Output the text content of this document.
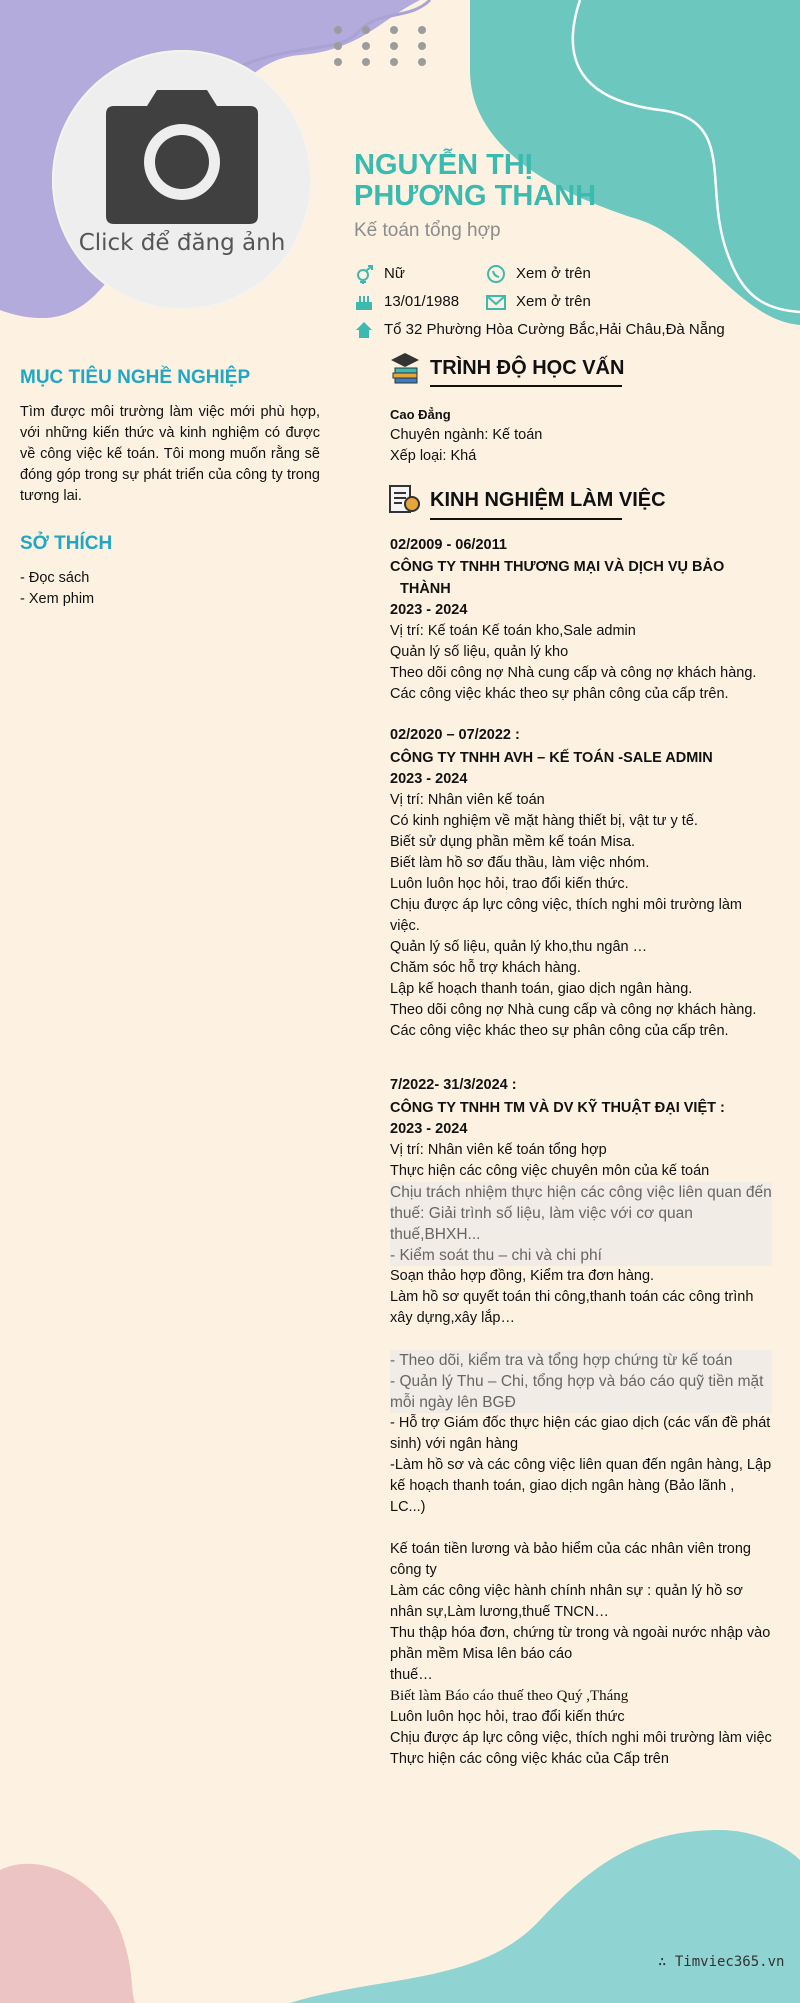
Click để đăng ảnh
NGUYỄN THỊ PHƯƠNG THANH
Kế toán tổng hợp
Nữ	Xem ở trên
13/01/1988	Xem ở trên
Tổ 32 Phường Hòa Cường Bắc,Hải Châu,Đà Nẵng
MỤC TIÊU NGHỀ NGHIỆP
Tìm được môi trường làm việc mới phù hợp, với những kiến thức và kinh nghiệm có được về công việc kế toán. Tôi mong muốn rằng sẽ đóng góp trong sự phát triển của công ty trong tương lai.
SỞ THÍCH
- Đọc sách
- Xem phim
TRÌNH ĐỘ HỌC VẤN
Cao Đẳng
Chuyên ngành: Kế toán
Xếp loại: Khá
KINH NGHIỆM LÀM VIỆC
02/2009 - 06/2011
CÔNG TY TNHH THƯƠNG MẠI VÀ DỊCH VỤ BẢO THÀNH
2023 - 2024
Vị trí: Kế toán Kế toán kho,Sale admin
Quản lý số liệu, quản lý kho
Theo dõi công nợ Nhà cung cấp và công nợ khách hàng.
Các công việc khác theo sự phân công của cấp trên.
02/2020 – 07/2022 :
CÔNG TY TNHH AVH – KẾ TOÁN -SALE ADMIN
2023 - 2024
Vị trí: Nhân viên kế toán
Có kinh nghiệm về mặt hàng thiết bị, vật tư y tế.
Biết sử dụng phần mềm kế toán Misa.
Biết làm hồ sơ đấu thầu, làm việc nhóm.
Luôn luôn học hỏi, trao đổi kiến thức.
Chịu được áp lực công việc, thích nghi môi trường làm việc.
Quản lý số liệu, quản lý kho,thu ngân …
Chăm sóc hỗ trợ khách hàng.
Lập kế hoạch thanh toán, giao dịch ngân hàng.
Theo dõi công nợ Nhà cung cấp và công nợ khách hàng.
Các công việc khác theo sự phân công của cấp trên.
7/2022- 31/3/2024 :
CÔNG TY TNHH TM VÀ DV KỸ THUẬT ĐẠI VIỆT :
2023 - 2024
Vị trí: Nhân viên kế toán tổng hợp
Thực hiện các công việc chuyên môn của kế toán
Chịu trách nhiệm thực hiện các công việc liên quan đến thuế: Giải trình số liệu, làm việc với cơ quan thuế,BHXH...
- Kiểm soát thu – chi và chi phí
Soạn thảo hợp đồng, Kiểm tra đơn hàng.
Làm hồ sơ quyết toán thi công,thanh toán các công trình xây dựng,xây lắp…
- Theo dõi, kiểm tra và tổng hợp chứng từ kế toán
- Quản lý Thu – Chi, tổng hợp và báo cáo quỹ tiền mặt mỗi ngày lên BGĐ
- Hỗ trợ Giám đốc thực hiện các giao dịch (các vấn đề phát sinh) với ngân hàng
-Làm hồ sơ và các công việc liên quan đến ngân hàng, Lập kế hoạch thanh toán, giao dịch ngân hàng (Bảo lãnh , LC...)
Kế toán tiền lương và bảo hiểm của các nhân viên trong công ty
Làm các công việc hành chính nhân sự : quản lý hồ sơ nhân sự,Làm lương,thuế TNCN…
Thu thập hóa đơn, chứng từ trong và ngoài nước nhập vào phần mềm Misa lên báo cáo
thuế…
Biết làm Báo cáo thuế theo Quý ,Tháng
Luôn luôn học hỏi, trao đổi kiến thức
Chịu được áp lực công việc, thích nghi môi trường làm việc
Thực hiện các công việc khác của Cấp trên
∴ Timviec365.vn
